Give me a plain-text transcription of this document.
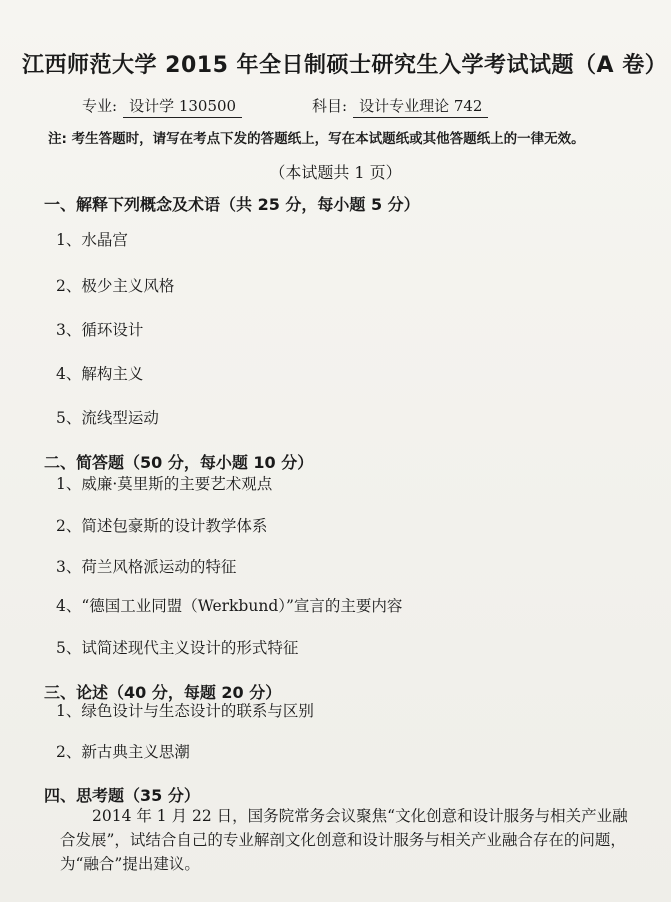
江西师范大学 2015 年全日制硕士研究生入学考试试题（A 卷）
专业: 设计学 130500	科目: 设计专业理论 742
注: 考生答题时，请写在考点下发的答题纸上，写在本试题纸或其他答题纸上的一律无效。
（本试题共 1 页）
一、解释下列概念及术语（共 25 分，每小题 5 分）
1、水晶宫
2、极少主义风格
3、循环设计
4、解构主义
5、流线型运动
二、简答题（50 分，每小题 10 分）
1、威廉·莫里斯的主要艺术观点
2、简述包豪斯的设计教学体系
3、荷兰风格派运动的特征
4、“德国工业同盟（Werkbund）”宣言的主要内容
5、试简述现代主义设计的形式特征
三、论述（40 分，每题 20 分）
1、绿色设计与生态设计的联系与区别
2、新古典主义思潮
四、思考题（35 分）
2014 年 1 月 22 日，国务院常务会议聚焦“文化创意和设计服务与相关产业融
合发展”，试结合自己的专业解剖文化创意和设计服务与相关产业融合存在的问题，
为“融合”提出建议。
